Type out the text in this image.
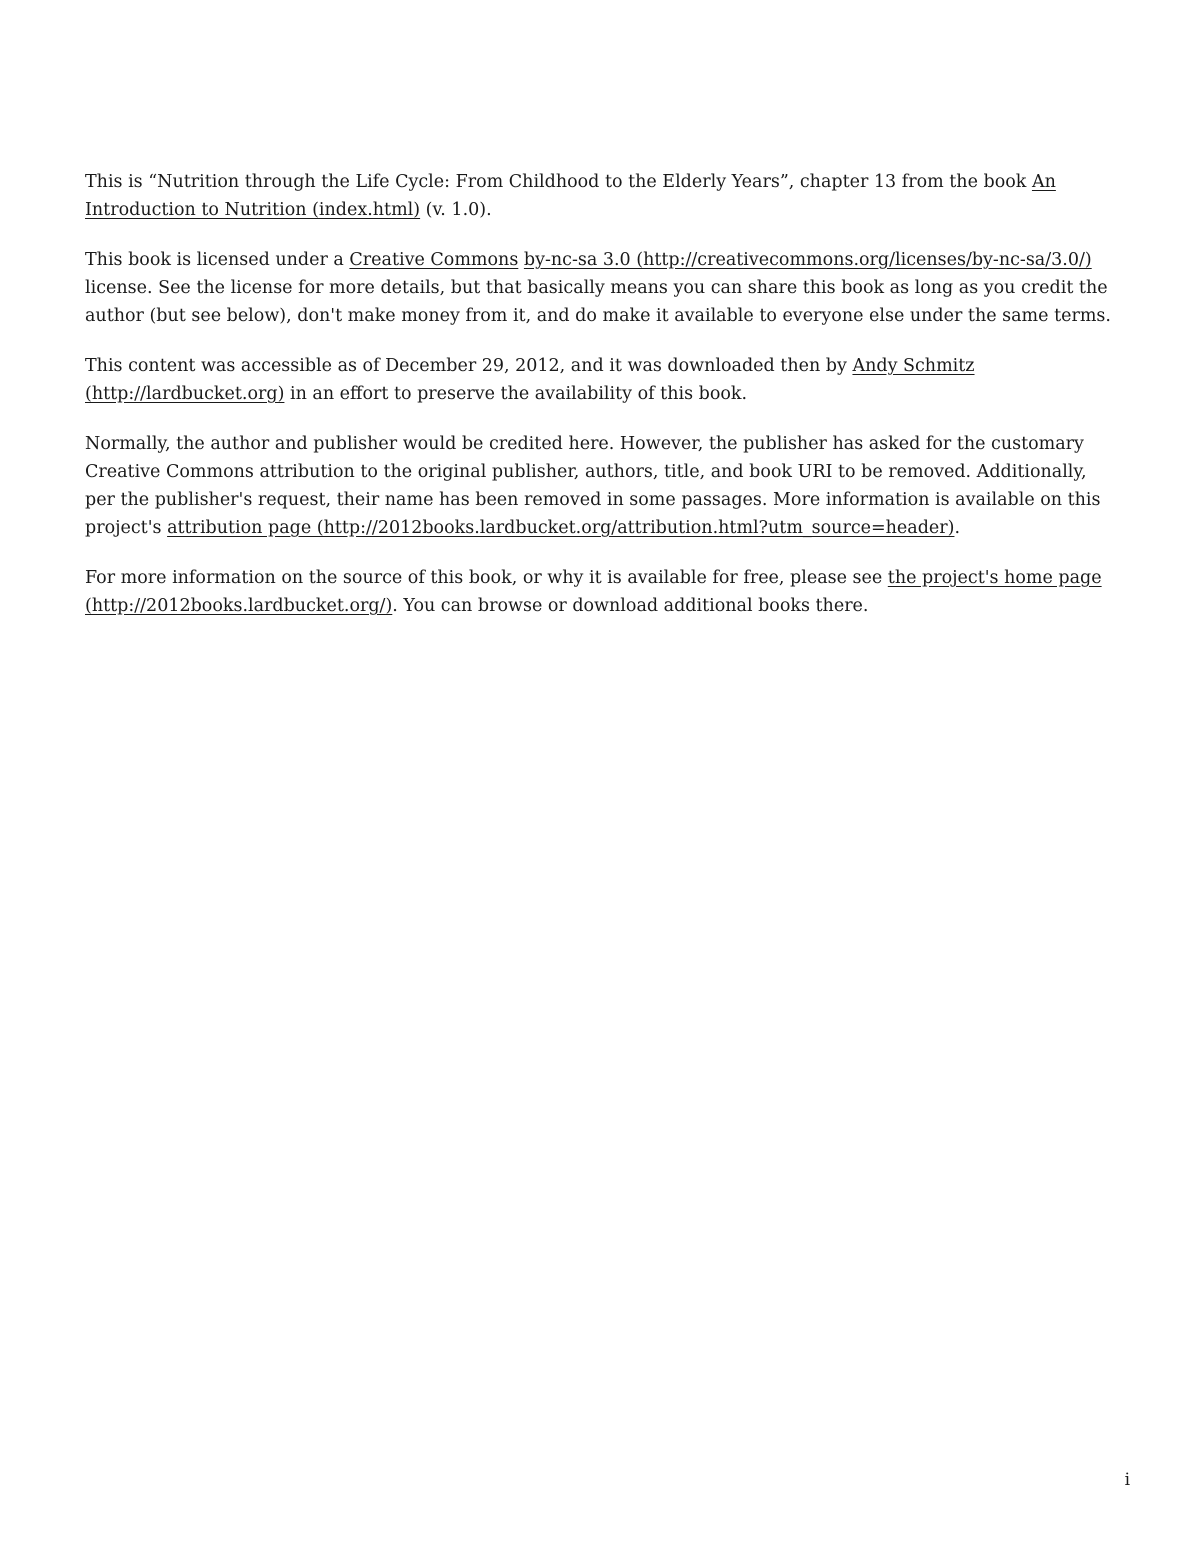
This is “Nutrition through the Life Cycle: From Childhood to the Elderly Years”, chapter 13 from the book An Introduction to Nutrition (index.html) (v. 1.0).

This book is licensed under a Creative Commons by-nc-sa 3.0 (http://creativecommons.org/licenses/by-nc-sa/3.0/) license. See the license for more details, but that basically means you can share this book as long as you credit the author (but see below), don't make money from it, and do make it available to everyone else under the same terms.

This content was accessible as of December 29, 2012, and it was downloaded then by Andy Schmitz (http://lardbucket.org) in an effort to preserve the availability of this book.

Normally, the author and publisher would be credited here. However, the publisher has asked for the customary Creative Commons attribution to the original publisher, authors, title, and book URI to be removed. Additionally, per the publisher's request, their name has been removed in some passages. More information is available on this project's attribution page (http://2012books.lardbucket.org/attribution.html?utm_source=header).

For more information on the source of this book, or why it is available for free, please see the project's home page (http://2012books.lardbucket.org/). You can browse or download additional books there.

i
